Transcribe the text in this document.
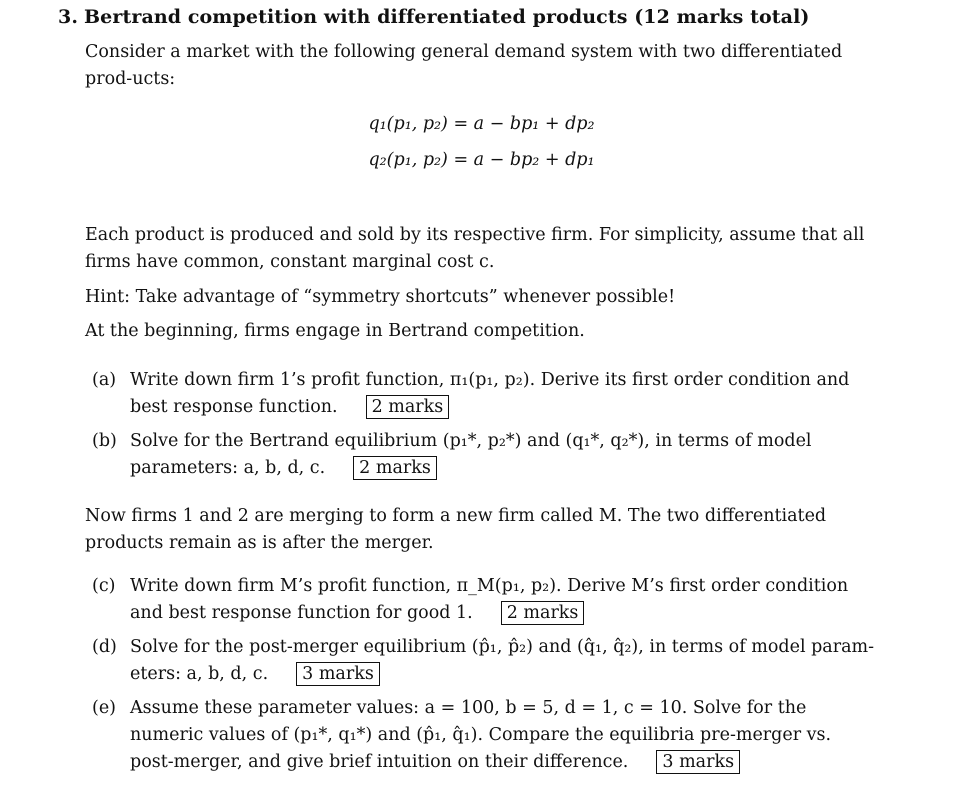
3. Bertrand competition with differentiated products (12 marks total)
Consider a market with the following general demand system with two differentiated prod-ucts:
q₁(p₁, p₂) = a − bp₁ + dp₂
q₂(p₁, p₂) = a − bp₂ + dp₁
Each product is produced and sold by its respective firm. For simplicity, assume that all firms have common, constant marginal cost c.
Hint: Take advantage of “symmetry shortcuts” whenever possible!
At the beginning, firms engage in Bertrand competition.
(a) Write down firm 1’s profit function, π₁(p₁, p₂). Derive its first order condition and best response function. 2 marks
(b) Solve for the Bertrand equilibrium (p₁*, p₂*) and (q₁*, q₂*), in terms of model parameters: a, b, d, c. 2 marks
Now firms 1 and 2 are merging to form a new firm called M. The two differentiated products remain as is after the merger.
(c) Write down firm M’s profit function, π_M(p₁, p₂). Derive M’s first order condition and best response function for good 1. 2 marks
(d) Solve for the post-merger equilibrium (p̂₁, p̂₂) and (q̂₁, q̂₂), in terms of model param-eters: a, b, d, c. 3 marks
(e) Assume these parameter values: a = 100, b = 5, d = 1, c = 10. Solve for the numeric values of (p₁*, q₁*) and (p̂₁, q̂₁). Compare the equilibria pre-merger vs. post-merger, and give brief intuition on their difference. 3 marks
